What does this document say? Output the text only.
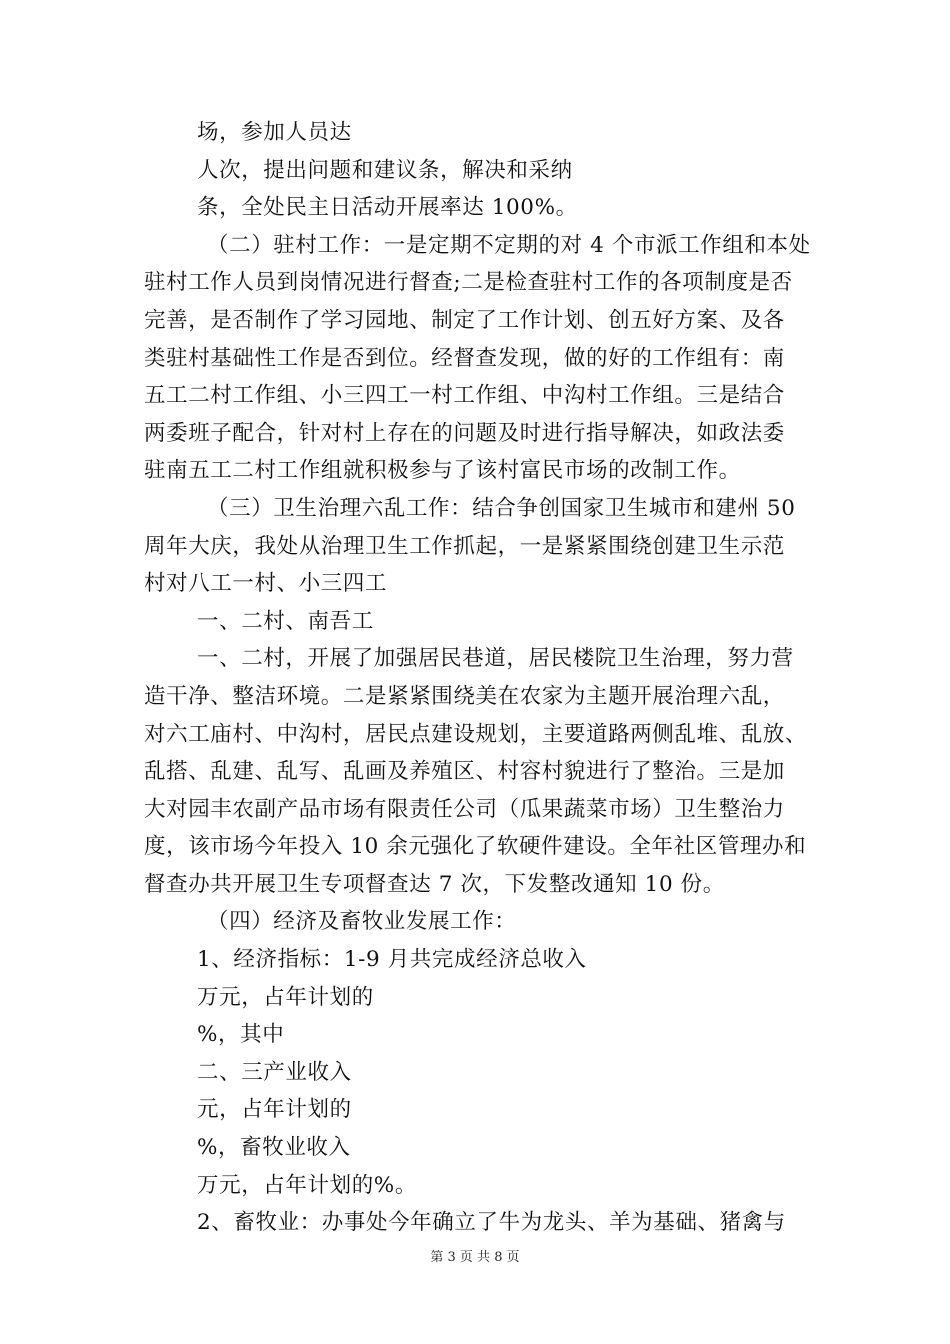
场，参加人员达
人次，提出问题和建议条，解决和采纳
条，全处民主日活动开展率达 100%。
（二）驻村工作：一是定期不定期的对 4 个市派工作组和本处
驻村工作人员到岗情况进行督查;二是检查驻村工作的各项制度是否
完善，是否制作了学习园地、制定了工作计划、创五好方案、及各
类驻村基础性工作是否到位。经督查发现，做的好的工作组有：南
五工二村工作组、小三四工一村工作组、中沟村工作组。三是结合
两委班子配合，针对村上存在的问题及时进行指导解决，如政法委
驻南五工二村工作组就积极参与了该村富民市场的改制工作。
（三）卫生治理六乱工作：结合争创国家卫生城市和建州 50
周年大庆，我处从治理卫生工作抓起，一是紧紧围绕创建卫生示范
村对八工一村、小三四工
一、二村、南吾工
一、二村，开展了加强居民巷道，居民楼院卫生治理，努力营
造干净、整洁环境。二是紧紧围绕美在农家为主题开展治理六乱，
对六工庙村、中沟村，居民点建设规划，主要道路两侧乱堆、乱放、
乱搭、乱建、乱写、乱画及养殖区、村容村貌进行了整治。三是加
大对园丰农副产品市场有限责任公司（瓜果蔬菜市场）卫生整治力
度，该市场今年投入 10 余元强化了软硬件建设。全年社区管理办和
督查办共开展卫生专项督查达 7 次，下发整改通知 10 份。
（四）经济及畜牧业发展工作：
1、经济指标：1-9 月共完成经济总收入
万元，占年计划的
%，其中
二、三产业收入
元，占年计划的
%，畜牧业收入
万元，占年计划的%。
2、畜牧业：办事处今年确立了牛为龙头、羊为基础、猪禽与
第 3 页 共 8 页
